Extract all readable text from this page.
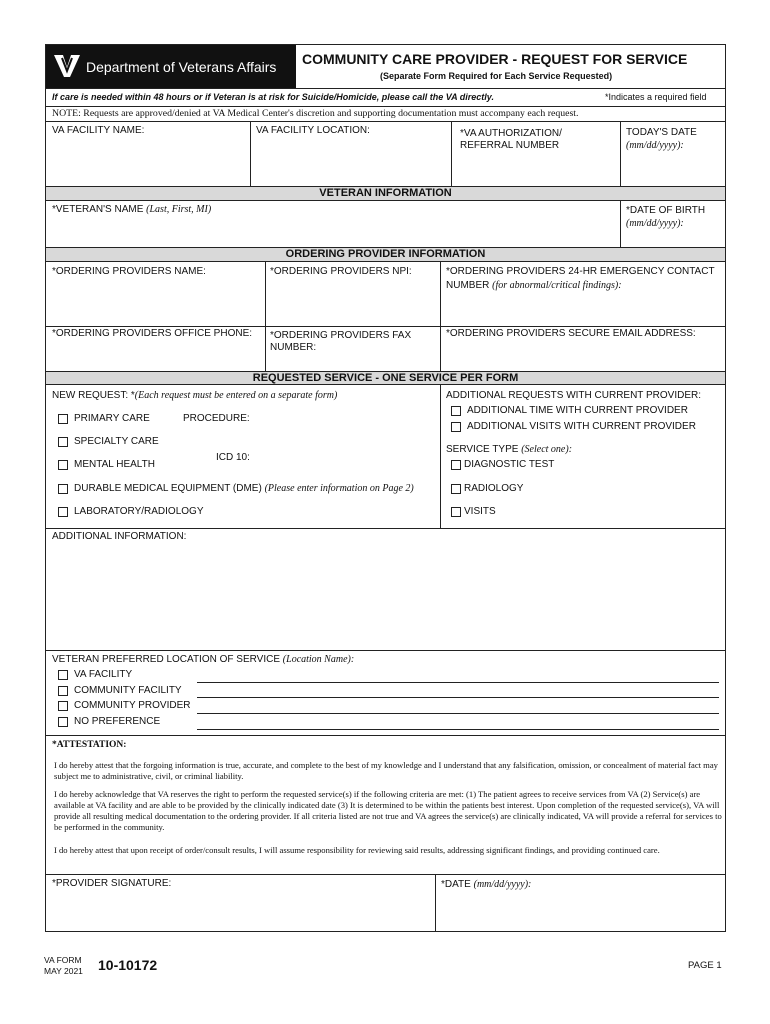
Department of Veterans Affairs COMMUNITY CARE PROVIDER - REQUEST FOR SERVICE
(Separate Form Required for Each Service Requested)
If care is needed within 48 hours or if Veteran is at risk for Suicide/Homicide, please call the VA directly.	*Indicates a required field
NOTE: Requests are approved/denied at VA Medical Center's discretion and supporting documentation must accompany each request.
VA FACILITY NAME:	VA FACILITY LOCATION:	*VA AUTHORIZATION/
REFERRAL NUMBER
TODAY'S DATE
(mm/dd/yyyy):
VETERAN INFORMATION
*VETERAN'S NAME (Last, First, MI)	*DATE OF BIRTH
(mm/dd/yyyy):
ORDERING PROVIDER INFORMATION
*ORDERING PROVIDERS NAME:	*ORDERING PROVIDERS NPI:	*ORDERING PROVIDERS 24-HR EMERGENCY CONTACT
NUMBER (for abnormal/critical findings):
*ORDERING PROVIDERS OFFICE PHONE: *ORDERING PROVIDERS FAX
NUMBER:
*ORDERING PROVIDERS SECURE EMAIL ADDRESS:
REQUESTED SERVICE - ONE SERVICE PER FORM
NEW REQUEST: *(Each request must be entered on a separate form)
PRIMARY CARE	PROCEDURE:
SPECIALTY CARE
ICD 10:
MENTAL HEALTH
DURABLE MEDICAL EQUIPMENT (DME) (Please enter information on Page 2)
LABORATORY/RADIOLOGY
ADDITIONAL REQUESTS WITH CURRENT PROVIDER:
ADDITIONAL TIME WITH CURRENT PROVIDER
ADDITIONAL VISITS WITH CURRENT PROVIDER
SERVICE TYPE (Select one):
DIAGNOSTIC TEST
RADIOLOGY
VISITS
ADDITIONAL INFORMATION:
VETERAN PREFERRED LOCATION OF SERVICE (Location Name):
VA FACILITY
COMMUNITY FACILITY
COMMUNITY PROVIDER
NO PREFERENCE
*ATTESTATION:
I do hereby attest that the forgoing information is true, accurate, and complete to the best of my knowledge and I understand that any falsification, omission, or concealment of material fact may subject me to administrative, civil, or criminal liability.
I do hereby acknowledge that VA reserves the right to perform the requested service(s) if the following criteria are met: (1) The patient agrees to receive services from VA (2) Service(s) are available at VA facility and are able to be provided by the clinically indicated date (3) It is determined to be within the patients best interest. Upon completion of the requested service(s), VA will provide all resulting medical documentation to the ordering provider. If all criteria listed are not true and VA agrees the service(s) are clinically indicated, VA will provide a referral for services to be performed in the community.
I do hereby attest that upon receipt of order/consult results, I will assume responsibility for reviewing said results, addressing significant findings, and providing continued care.
*PROVIDER SIGNATURE:	*DATE (mm/dd/yyyy):
VA FORM
MAY 2021 10-10172	PAGE 1
